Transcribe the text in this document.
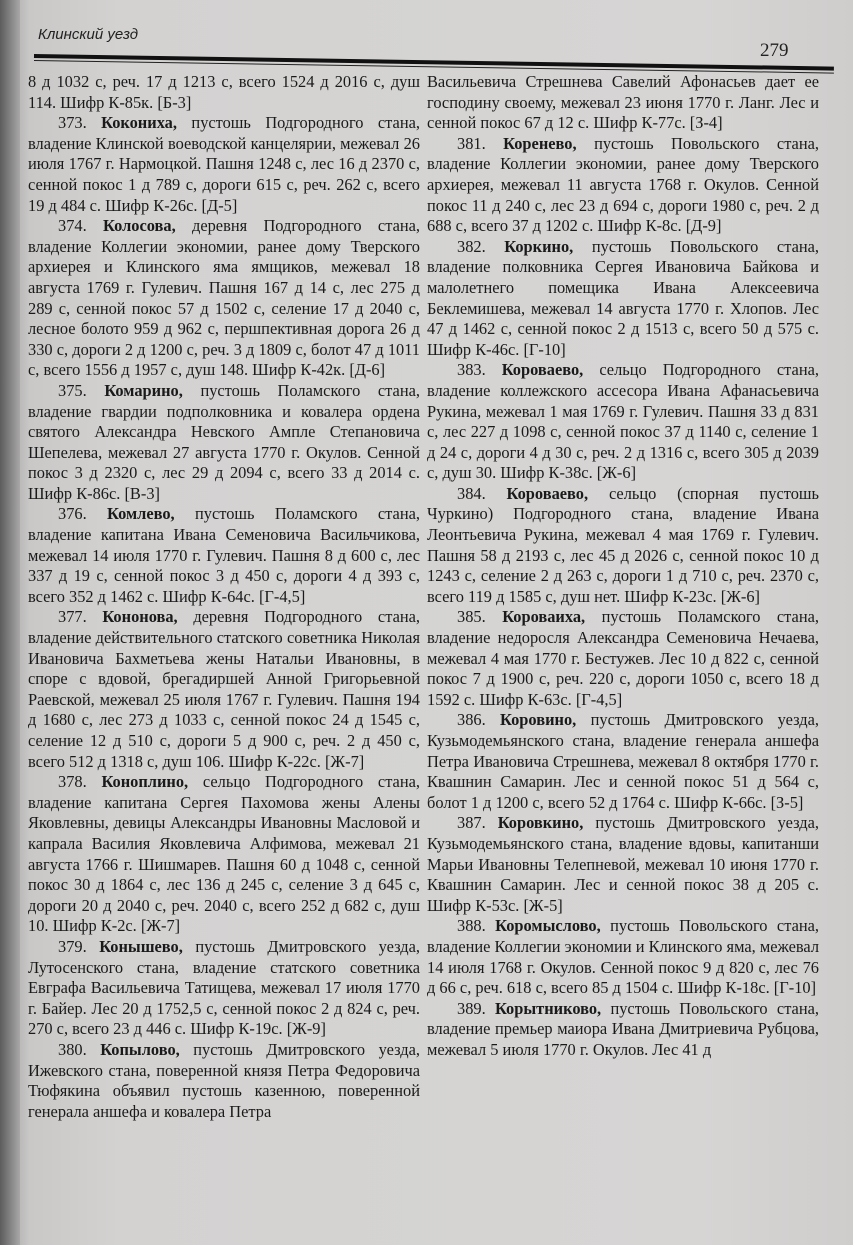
Клинский уезд
279

8 д 1032 с, реч. 17 д 1213 с, всего 1524 д 2016 с, душ 114. Шифр К-85к. [Б-3]

373. Кокониха, пустошь Подгородного стана, владение Клинской воеводской канцелярии, межевал 26 июля 1767 г. Нармоцкой. Пашня 1248 с, лес 16 д 2370 с, сенной покос 1 д 789 с, дороги 615 с, реч. 262 с, всего 19 д 484 с. Шифр К-26с. [Д-5]

374. Колосова, деревня Подгородного стана, владение Коллегии экономии, ранее дому Тверского архиерея и Клинского яма ямщиков, межевал 18 августа 1769 г. Гулевич. Пашня 167 д 14 с, лес 275 д 289 с, сенной покос 57 д 1502 с, селение 17 д 2040 с, лесное болото 959 д 962 с, першпективная дорога 26 д 330 с, дороги 2 д 1200 с, реч. 3 д 1809 с, болот 47 д 1011 с, всего 1556 д 1957 с, душ 148. Шифр К-42к. [Д-6]

375. Комарино, пустошь Поламского стана, владение гвардии подполковника и ковалера ордена святого Александра Невского Ампле Степановича Шепелева, межевал 27 августа 1770 г. Окулов. Сенной покос 3 д 2320 с, лес 29 д 2094 с, всего 33 д 2014 с. Шифр К-86с. [В-3]

376. Комлево, пустошь Поламского стана, владение капитана Ивана Семеновича Васильчикова, межевал 14 июля 1770 г. Гулевич. Пашня 8 д 600 с, лес 337 д 19 с, сенной покос 3 д 450 с, дороги 4 д 393 с, всего 352 д 1462 с. Шифр К-64с. [Г-4,5]

377. Кононова, деревня Подгородного стана, владение действительного статского советника Николая Ивановича Бахметьева жены Натальи Ивановны, в споре с вдовой, брегадиршей Анной Григорьевной Раевской, межевал 25 июля 1767 г. Гулевич. Пашня 194 д 1680 с, лес 273 д 1033 с, сенной покос 24 д 1545 с, селение 12 д 510 с, дороги 5 д 900 с, реч. 2 д 450 с, всего 512 д 1318 с, душ 106. Шифр К-22с. [Ж-7]

378. Коноплино, сельцо Подгородного стана, владение капитана Сергея Пахомова жены Алены Яковлевны, девицы Александры Ивановны Масловой и капрала Василия Яковлевича Алфимова, межевал 21 августа 1766 г. Шишмарев. Пашня 60 д 1048 с, сенной покос 30 д 1864 с, лес 136 д 245 с, селение 3 д 645 с, дороги 20 д 2040 с, реч. 2040 с, всего 252 д 682 с, душ 10. Шифр К-2с. [Ж-7]

379. Конышево, пустошь Дмитровского уезда, Лутосенского стана, владение статского советника Евграфа Васильевича Татищева, межевал 17 июля 1770 г. Байер. Лес 20 д 1752,5 с, сенной покос 2 д 824 с, реч. 270 с, всего 23 д 446 с. Шифр К-19с. [Ж-9]

380. Копылово, пустошь Дмитровского уезда, Ижевского стана, поверенной князя Петра Федоровича Тюфякина объявил пустошь казенною, поверенной генерала аншефа и ковалера Петра

Васильевича Стрешнева Савелий Афонасьев дает ее господину своему, межевал 23 июня 1770 г. Ланг. Лес и сенной покос 67 д 12 с. Шифр К-77с. [З-4]

381. Коренево, пустошь Повольского стана, владение Коллегии экономии, ранее дому Тверского архиерея, межевал 11 августа 1768 г. Окулов. Сенной покос 11 д 240 с, лес 23 д 694 с, дороги 1980 с, реч. 2 д 688 с, всего 37 д 1202 с. Шифр К-8с. [Д-9]

382. Коркино, пустошь Повольского стана, владение полковника Сергея Ивановича Байкова и малолетнего помещика Ивана Алексеевича Беклемишева, межевал 14 августа 1770 г. Хлопов. Лес 47 д 1462 с, сенной покос 2 д 1513 с, всего 50 д 575 с. Шифр К-46с. [Г-10]

383. Короваево, сельцо Подгородного стана, владение коллежского ассесора Ивана Афанасьевича Рукина, межевал 1 мая 1769 г. Гулевич. Пашня 33 д 831 с, лес 227 д 1098 с, сенной покос 37 д 1140 с, селение 1 д 24 с, дороги 4 д 30 с, реч. 2 д 1316 с, всего 305 д 2039 с, душ 30. Шифр К-38с. [Ж-6]

384. Короваево, сельцо (спорная пустошь Чуркино) Подгородного стана, владение Ивана Леонтьевича Рукина, межевал 4 мая 1769 г. Гулевич. Пашня 58 д 2193 с, лес 45 д 2026 с, сенной покос 10 д 1243 с, селение 2 д 263 с, дороги 1 д 710 с, реч. 2370 с, всего 119 д 1585 с, душ нет. Шифр К-23с. [Ж-6]

385. Короваиха, пустошь Поламского стана, владение недоросля Александра Семеновича Нечаева, межевал 4 мая 1770 г. Бестужев. Лес 10 д 822 с, сенной покос 7 д 1900 с, реч. 220 с, дороги 1050 с, всего 18 д 1592 с. Шифр К-63с. [Г-4,5]

386. Коровино, пустошь Дмитровского уезда, Кузьмодемьянского стана, владение генерала аншефа Петра Ивановича Стрешнева, межевал 8 октября 1770 г. Квашнин Самарин. Лес и сенной покос 51 д 564 с, болот 1 д 1200 с, всего 52 д 1764 с. Шифр К-66с. [З-5]

387. Коровкино, пустошь Дмитровского уезда, Кузьмодемьянского стана, владение вдовы, капитанши Марьи Ивановны Телепневой, межевал 10 июня 1770 г. Квашнин Самарин. Лес и сенной покос 38 д 205 с. Шифр К-53с. [Ж-5]

388. Коромыслово, пустошь Повольского стана, владение Коллегии экономии и Клинского яма, межевал 14 июля 1768 г. Окулов. Сенной покос 9 д 820 с, лес 76 д 66 с, реч. 618 с, всего 85 д 1504 с. Шифр К-18с. [Г-10]

389. Корытниково, пустошь Повольского стана, владение премьер маиора Ивана Дмитриевича Рубцова, межевал 5 июля 1770 г. Окулов. Лес 41 д
